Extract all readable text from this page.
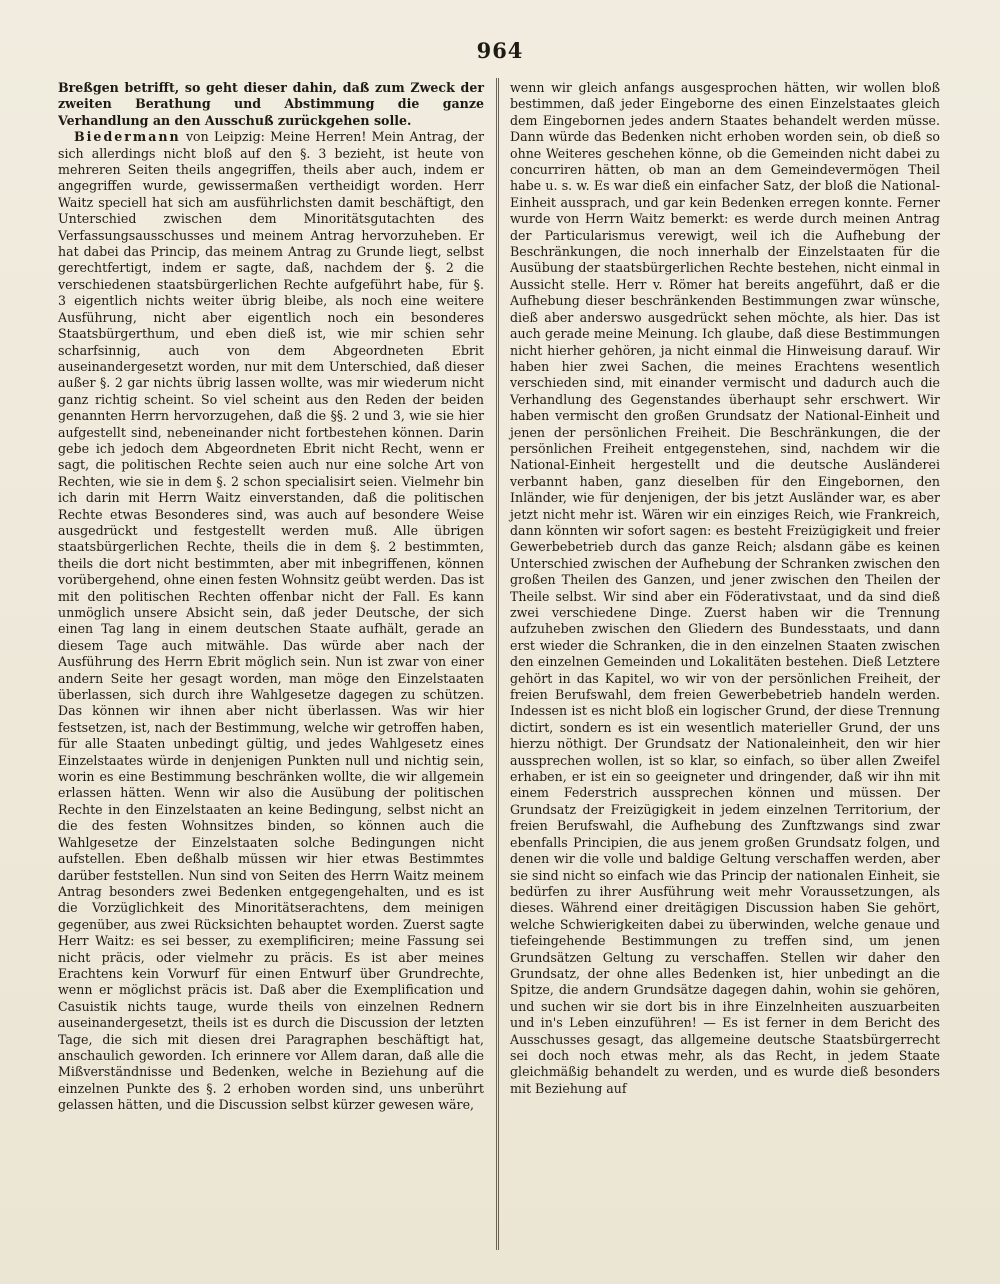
964

Breßgen betrifft, so geht dieser dahin, daß zum Zweck der zweiten Berathung und Abstimmung die ganze Verhandlung an den Ausschuß zurückgehen solle.

Biedermann von Leipzig: Meine Herren! Mein Antrag, der sich allerdings nicht bloß auf den §. 3 bezieht, ist heute von mehreren Seiten theils angegriffen, theils aber auch, indem er angegriffen wurde, gewissermaßen vertheidigt worden. Herr Waitz speciell hat sich am ausführlichsten damit beschäftigt, den Unterschied zwischen dem Minoritätsgutachten des Verfassungsausschusses und meinem Antrag hervorzuheben. Er hat dabei das Princip, das meinem Antrag zu Grunde liegt, selbst gerechtfertigt, indem er sagte, daß, nachdem der §. 2 die verschiedenen staatsbürgerlichen Rechte aufgeführt habe, für §. 3 eigentlich nichts weiter übrig bleibe, als noch eine weitere Ausführung, nicht aber eigentlich noch ein besonderes Staatsbürgerthum, und eben dieß ist, wie mir schien sehr scharfsinnig, auch von dem Abgeordneten Ebrit auseinandergesetzt worden, nur mit dem Unterschied, daß dieser außer §. 2 gar nichts übrig lassen wollte, was mir wiederum nicht ganz richtig scheint. So viel scheint aus den Reden der beiden genannten Herrn hervorzugehen, daß die §§. 2 und 3, wie sie hier aufgestellt sind, nebeneinander nicht fortbestehen können. Darin gebe ich jedoch dem Abgeordneten Ebrit nicht Recht, wenn er sagt, die politischen Rechte seien auch nur eine solche Art von Rechten, wie sie in dem §. 2 schon specialisirt seien. Vielmehr bin ich darin mit Herrn Waitz einverstanden, daß die politischen Rechte etwas Besonderes sind, was auch auf besondere Weise ausgedrückt und festgestellt werden muß. Alle übrigen staatsbürgerlichen Rechte, theils die in dem §. 2 bestimmten, theils die dort nicht bestimmten, aber mit inbegriffenen, können vorübergehend, ohne einen festen Wohnsitz geübt werden. Das ist mit den politischen Rechten offenbar nicht der Fall. Es kann unmöglich unsere Absicht sein, daß jeder Deutsche, der sich einen Tag lang in einem deutschen Staate aufhält, gerade an diesem Tage auch mitwähle. Das würde aber nach der Ausführung des Herrn Ebrit möglich sein. Nun ist zwar von einer andern Seite her gesagt worden, man möge den Einzelstaaten überlassen, sich durch ihre Wahlgesetze dagegen zu schützen. Das können wir ihnen aber nicht überlassen. Was wir hier festsetzen, ist, nach der Bestimmung, welche wir getroffen haben, für alle Staaten unbedingt gültig, und jedes Wahlgesetz eines Einzelstaates würde in denjenigen Punkten null und nichtig sein, worin es eine Bestimmung beschränken wollte, die wir allgemein erlassen hätten. Wenn wir also die Ausübung der politischen Rechte in den Einzelstaaten an keine Bedingung, selbst nicht an die des festen Wohnsitzes binden, so können auch die Wahlgesetze der Einzelstaaten solche Bedingungen nicht aufstellen. Eben deßhalb müssen wir hier etwas Bestimmtes darüber feststellen. Nun sind von Seiten des Herrn Waitz meinem Antrag besonders zwei Bedenken entgegengehalten, und es ist die Vorzüglichkeit des Minoritätserachtens, dem meinigen gegenüber, aus zwei Rücksichten behauptet worden. Zuerst sagte Herr Waitz: es sei besser, zu exemplificiren; meine Fassung sei nicht präcis, oder vielmehr zu präcis. Es ist aber meines Erachtens kein Vorwurf für einen Entwurf über Grundrechte, wenn er möglichst präcis ist. Daß aber die Exemplification und Casuistik nichts tauge, wurde theils von einzelnen Rednern auseinandergesetzt, theils ist es durch die Discussion der letzten Tage, die sich mit diesen drei Paragraphen beschäftigt hat, anschaulich geworden. Ich erinnere vor Allem daran, daß alle die Mißverständnisse und Bedenken, welche in Beziehung auf die einzelnen Punkte des §. 2 erhoben worden sind, uns unberührt gelassen hätten, und die Discussion selbst kürzer gewesen wäre,

wenn wir gleich anfangs ausgesprochen hätten, wir wollen bloß bestimmen, daß jeder Eingeborne des einen Einzelstaates gleich dem Eingebornen jedes andern Staates behandelt werden müsse. Dann würde das Bedenken nicht erhoben worden sein, ob dieß so ohne Weiteres geschehen könne, ob die Gemeinden nicht dabei zu concurriren hätten, ob man an dem Gemeindevermögen Theil habe u. s. w. Es war dieß ein einfacher Satz, der bloß die National-Einheit aussprach, und gar kein Bedenken erregen konnte. Ferner wurde von Herrn Waitz bemerkt: es werde durch meinen Antrag der Particularismus verewigt, weil ich die Aufhebung der Beschränkungen, die noch innerhalb der Einzelstaaten für die Ausübung der staatsbürgerlichen Rechte bestehen, nicht einmal in Aussicht stelle. Herr v. Römer hat bereits angeführt, daß er die Aufhebung dieser beschränkenden Bestimmungen zwar wünsche, dieß aber anderswo ausgedrückt sehen möchte, als hier. Das ist auch gerade meine Meinung. Ich glaube, daß diese Bestimmungen nicht hierher gehören, ja nicht einmal die Hinweisung darauf. Wir haben hier zwei Sachen, die meines Erachtens wesentlich verschieden sind, mit einander vermischt und dadurch auch die Verhandlung des Gegenstandes überhaupt sehr erschwert. Wir haben vermischt den großen Grundsatz der National-Einheit und jenen der persönlichen Freiheit. Die Beschränkungen, die der persönlichen Freiheit entgegenstehen, sind, nachdem wir die National-Einheit hergestellt und die deutsche Ausländerei verbannt haben, ganz dieselben für den Eingebornen, den Inländer, wie für denjenigen, der bis jetzt Ausländer war, es aber jetzt nicht mehr ist. Wären wir ein einziges Reich, wie Frankreich, dann könnten wir sofort sagen: es besteht Freizügigkeit und freier Gewerbebetrieb durch das ganze Reich; alsdann gäbe es keinen Unterschied zwischen der Aufhebung der Schranken zwischen den großen Theilen des Ganzen, und jener zwischen den Theilen der Theile selbst. Wir sind aber ein Föderativstaat, und da sind dieß zwei verschiedene Dinge. Zuerst haben wir die Trennung aufzuheben zwischen den Gliedern des Bundesstaats, und dann erst wieder die Schranken, die in den einzelnen Staaten zwischen den einzelnen Gemeinden und Lokalitäten bestehen. Dieß Letztere gehört in das Kapitel, wo wir von der persönlichen Freiheit, der freien Berufswahl, dem freien Gewerbebetrieb handeln werden. Indessen ist es nicht bloß ein logischer Grund, der diese Trennung dictirt, sondern es ist ein wesentlich materieller Grund, der uns hierzu nöthigt. Der Grundsatz der Nationaleinheit, den wir hier aussprechen wollen, ist so klar, so einfach, so über allen Zweifel erhaben, er ist ein so geeigneter und dringender, daß wir ihn mit einem Federstrich aussprechen können und müssen. Der Grundsatz der Freizügigkeit in jedem einzelnen Territorium, der freien Berufswahl, die Aufhebung des Zunftzwangs sind zwar ebenfalls Principien, die aus jenem großen Grundsatz folgen, und denen wir die volle und baldige Geltung verschaffen werden, aber sie sind nicht so einfach wie das Princip der nationalen Einheit, sie bedürfen zu ihrer Ausführung weit mehr Voraussetzungen, als dieses. Während einer dreitägigen Discussion haben Sie gehört, welche Schwierigkeiten dabei zu überwinden, welche genaue und tiefeingehende Bestimmungen zu treffen sind, um jenen Grundsätzen Geltung zu verschaffen. Stellen wir daher den Grundsatz, der ohne alles Bedenken ist, hier unbedingt an die Spitze, die andern Grundsätze dagegen dahin, wohin sie gehören, und suchen wir sie dort bis in ihre Einzelnheiten auszuarbeiten und in's Leben einzuführen! — Es ist ferner in dem Bericht des Ausschusses gesagt, das allgemeine deutsche Staatsbürgerrecht sei doch noch etwas mehr, als das Recht, in jedem Staate gleichmäßig behandelt zu werden, und es wurde dieß besonders mit Beziehung auf
